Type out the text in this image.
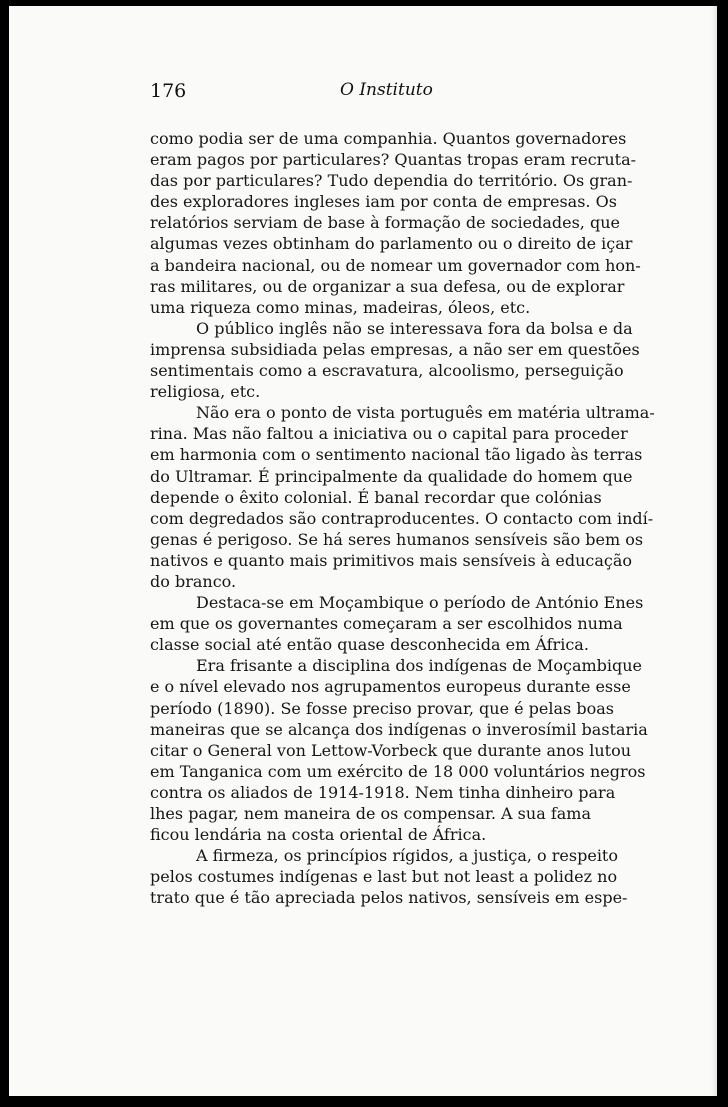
176	O Instituto
como podia ser de uma companhia. Quantos governadores
eram pagos por particulares? Quantas tropas eram recruta-
das por particulares? Tudo dependia do território. Os gran-
des exploradores ingleses iam por conta de empresas. Os
relatórios serviam de base à formação de sociedades, que
algumas vezes obtinham do parlamento ou o direito de içar
a bandeira nacional, ou de nomear um governador com hon-
ras militares, ou de organizar a sua defesa, ou de explorar
uma riqueza como minas, madeiras, óleos, etc.
O público inglês não se interessava fora da bolsa e da
imprensa subsidiada pelas empresas, a não ser em questões
sentimentais como a escravatura, alcoolismo, perseguição
religiosa, etc.
Não era o ponto de vista português em matéria ultrama-
rina. Mas não faltou a iniciativa ou o capital para proceder
em harmonia com o sentimento nacional tão ligado às terras
do Ultramar. É principalmente da qualidade do homem que
depende o êxito colonial. É banal recordar que colónias
com degredados são contraproducentes. O contacto com indí-
genas é perigoso. Se há seres humanos sensíveis são bem os
nativos e quanto mais primitivos mais sensíveis à educação
do branco.
Destaca-se em Moçambique o período de António Enes
em que os governantes começaram a ser escolhidos numa
classe social até então quase desconhecida em África.
Era frisante a disciplina dos indígenas de Moçambique
e o nível elevado nos agrupamentos europeus durante esse
período (1890). Se fosse preciso provar, que é pelas boas
maneiras que se alcança dos indígenas o inverosímil bastaria
citar o General von Lettow-Vorbeck que durante anos lutou
em Tanganica com um exército de 18 000 voluntários negros
contra os aliados de 1914-1918. Nem tinha dinheiro para
lhes pagar, nem maneira de os compensar. A sua fama
ficou lendária na costa oriental de África.
A firmeza, os princípios rígidos, a justiça, o respeito
pelos costumes indígenas e last but not least a polidez no
trato que é tão apreciada pelos nativos, sensíveis em espe-
